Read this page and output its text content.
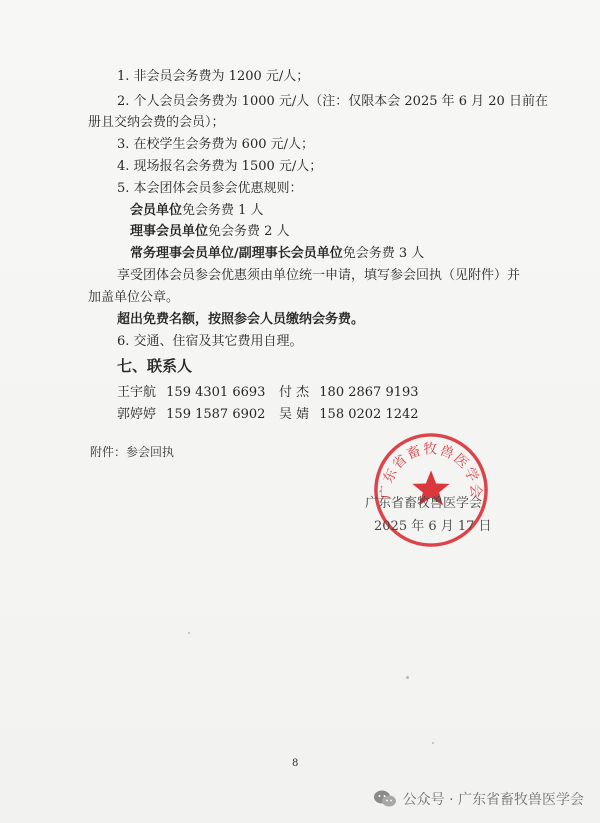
1. 非会员会务费为 1200 元/人；
2. 个人会员会务费为 1000 元/人（注：仅限本会 2025 年 6 月 20 日前在
册且交纳会费的会员）；
3. 在校学生会务费为 600 元/人；
4. 现场报名会务费为 1500 元/人；
5. 本会团体会员参会优惠规则：
会员单位免会务费 1 人
理事会员单位免会务费 2 人
常务理事会员单位/副理事长会员单位免会务费 3 人
享受团体会员参会优惠须由单位统一申请，填写参会回执（见附件）并
加盖单位公章。
超出免费名额，按照参会人员缴纳会务费。
6. 交通、住宿及其它费用自理。
七、联系人
王宇航 159 4301 6693 付 杰 180 2867 9193
郭婷婷 159 1587 6902 吴 婧 158 0202 1242
附件：参会回执
广东省畜牧兽医学会
广东省畜牧兽医学会
2025 年 6 月 17 日
8
公众号 · 广东省畜牧兽医学会
